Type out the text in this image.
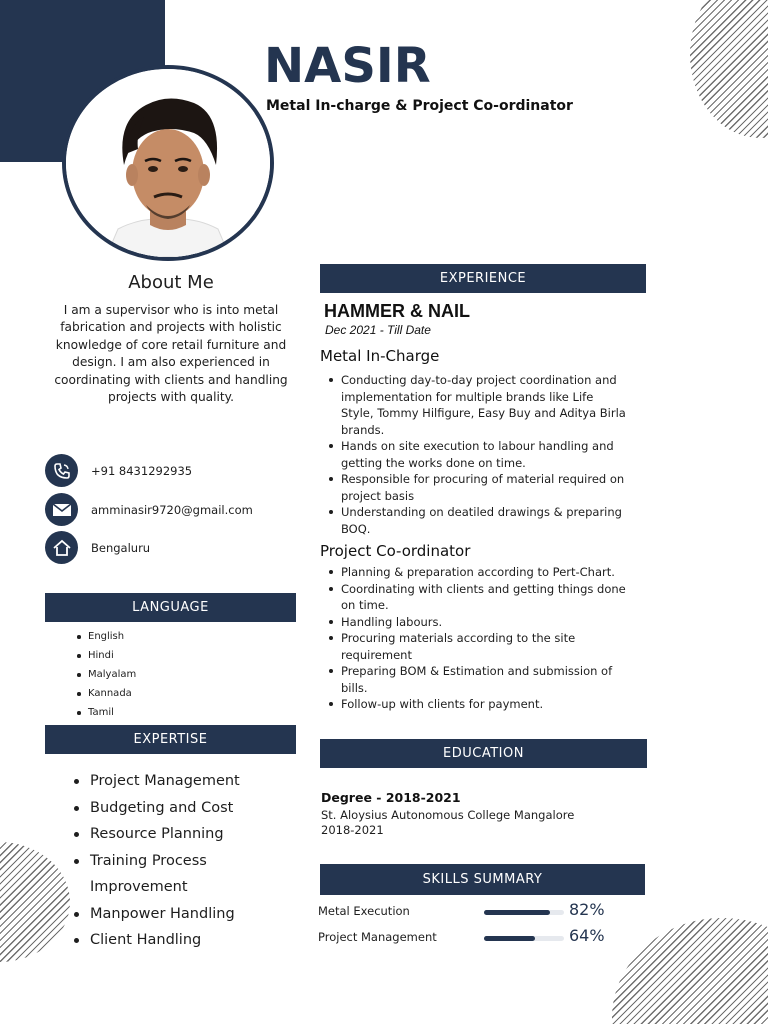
NASIR
Metal In-charge & Project Co-ordinator
About Me
I am a supervisor who is into metal fabrication and projects with holistic knowledge of core retail furniture and design. I am also experienced in coordinating with clients and handling projects with quality.
+91 8431292935
amminasir9720@gmail.com
Bengaluru
LANGUAGE
English
Hindi
Malyalam
Kannada
Tamil
EXPERTISE
Project Management
Budgeting and Cost
Resource Planning
Training Process Improvement
Manpower Handling
Client Handling
EXPERIENCE
HAMMER & NAIL
Dec 2021 - Till Date
Metal In-Charge
Conducting day-to-day project coordination and implementation for multiple brands like Life Style, Tommy Hilfigure, Easy Buy and Aditya Birla brands.
Hands on site execution to labour handling and getting the works done on time.
Responsible for procuring of material required on project basis
Understanding on deatiled drawings & preparing BOQ.
Project Co-ordinator
Planning & preparation according to Pert-Chart.
Coordinating with clients and getting things done on time.
Handling labours.
Procuring materials according to the site requirement
Preparing BOM & Estimation and submission of bills.
Follow-up with clients for payment.
EDUCATION
Degree - 2018-2021
St. Aloysius Autonomous College Mangalore
2018-2021
SKILLS SUMMARY
Metal Execution	82%
Project Management	64%
